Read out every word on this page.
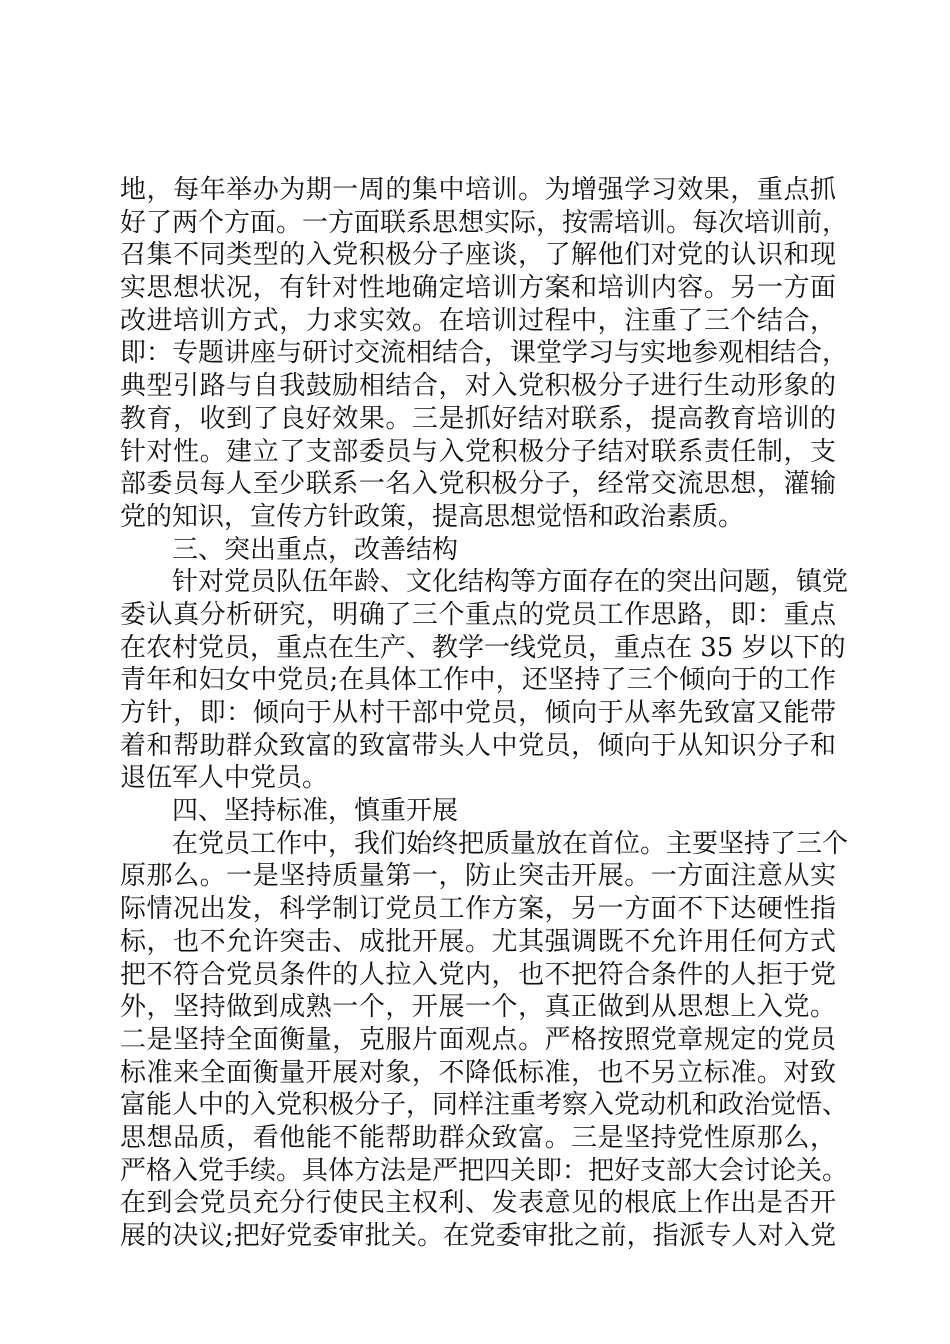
地，每年举办为期一周的集中培训。为增强学习效果，重点抓
好了两个方面。一方面联系思想实际，按需培训。每次培训前，
召集不同类型的入党积极分子座谈，了解他们对党的认识和现
实思想状况，有针对性地确定培训方案和培训内容。另一方面
改进培训方式，力求实效。在培训过程中，注重了三个结合，
即：专题讲座与研讨交流相结合，课堂学习与实地参观相结合，
典型引路与自我鼓励相结合，对入党积极分子进行生动形象的
教育，收到了良好效果。三是抓好结对联系，提高教育培训的
针对性。建立了支部委员与入党积极分子结对联系责任制，支
部委员每人至少联系一名入党积极分子，经常交流思想，灌输
党的知识，宣传方针政策，提高思想觉悟和政治素质。
三、突出重点，改善结构
针对党员队伍年龄、文化结构等方面存在的突出问题，镇党
委认真分析研究，明确了三个重点的党员工作思路，即：重点
在农村党员，重点在生产、教学一线党员，重点在 35 岁以下的
青年和妇女中党员;在具体工作中，还坚持了三个倾向于的工作
方针，即：倾向于从村干部中党员，倾向于从率先致富又能带
着和帮助群众致富的致富带头人中党员，倾向于从知识分子和
退伍军人中党员。
四、坚持标准，慎重开展
在党员工作中，我们始终把质量放在首位。主要坚持了三个
原那么。一是坚持质量第一，防止突击开展。一方面注意从实
际情况出发，科学制订党员工作方案，另一方面不下达硬性指
标，也不允许突击、成批开展。尤其强调既不允许用任何方式
把不符合党员条件的人拉入党内，也不把符合条件的人拒于党
外，坚持做到成熟一个，开展一个，真正做到从思想上入党。
二是坚持全面衡量，克服片面观点。严格按照党章规定的党员
标准来全面衡量开展对象，不降低标准，也不另立标准。对致
富能人中的入党积极分子，同样注重考察入党动机和政治觉悟、
思想品质，看他能不能帮助群众致富。三是坚持党性原那么，
严格入党手续。具体方法是严把四关即：把好支部大会讨论关。
在到会党员充分行使民主权利、发表意见的根底上作出是否开
展的决议;把好党委审批关。在党委审批之前，指派专人对入党
